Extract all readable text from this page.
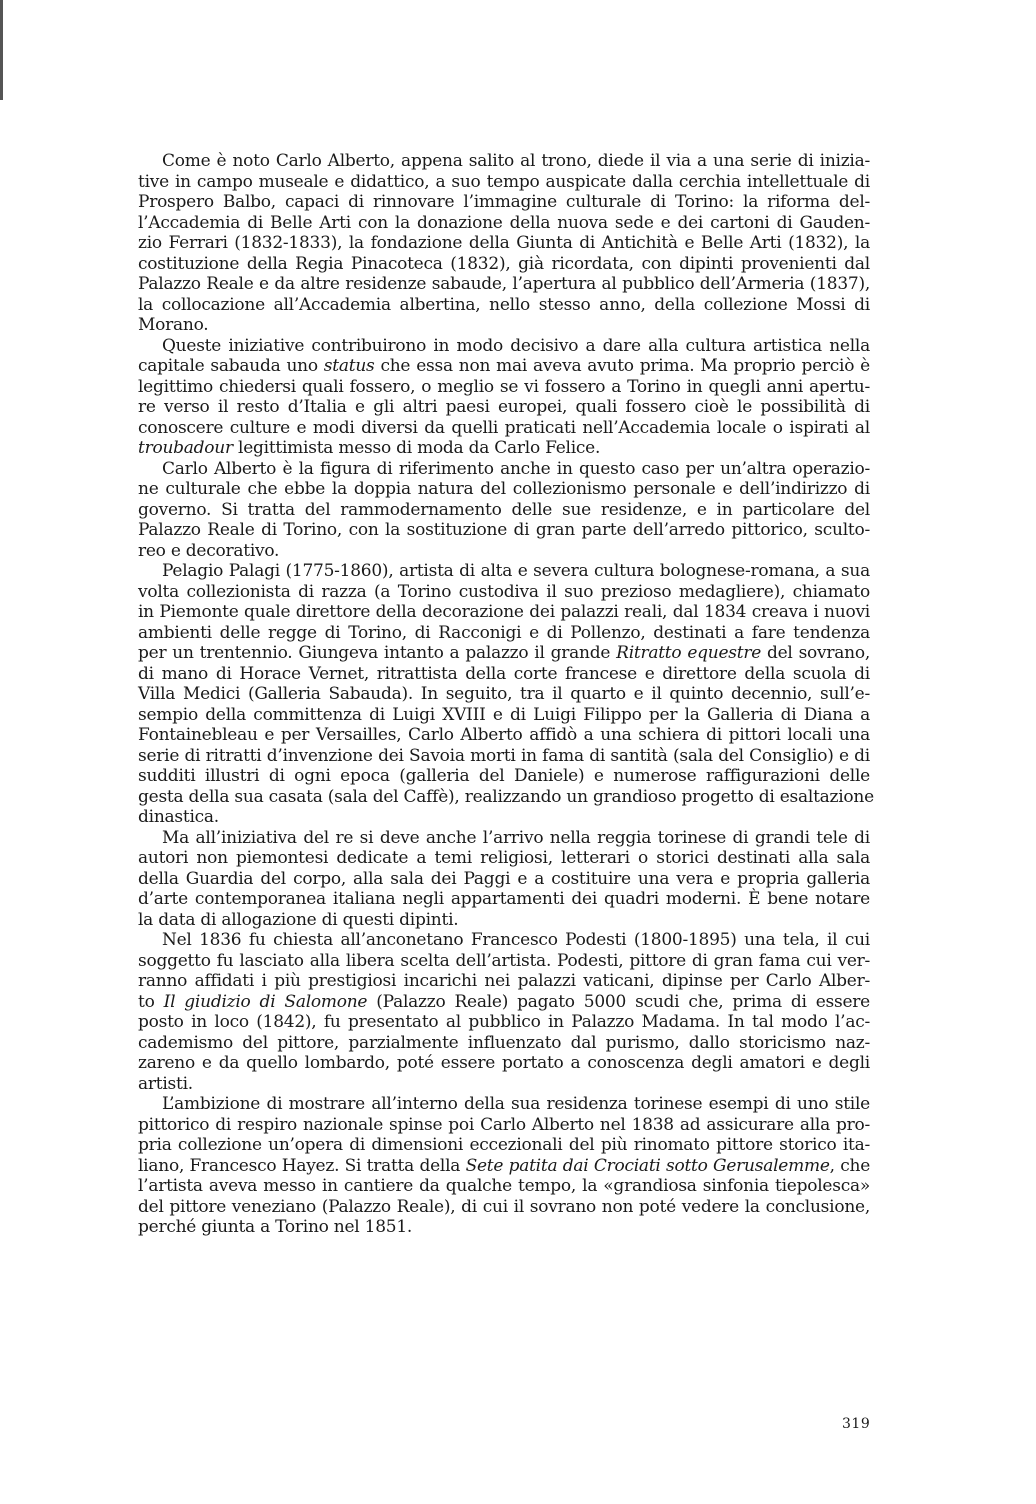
Come è noto Carlo Alberto, appena salito al trono, diede il via a una serie di inizia-
tive in campo museale e didattico, a suo tempo auspicate dalla cerchia intellettuale di
Prospero Balbo, capaci di rinnovare l’immagine culturale di Torino: la riforma del-
l’Accademia di Belle Arti con la donazione della nuova sede e dei cartoni di Gauden-
zio Ferrari (1832-1833), la fondazione della Giunta di Antichità e Belle Arti (1832), la
costituzione della Regia Pinacoteca (1832), già ricordata, con dipinti provenienti dal
Palazzo Reale e da altre residenze sabaude, l’apertura al pubblico dell’Armeria (1837),
la collocazione all’Accademia albertina, nello stesso anno, della collezione Mossi di
Morano.
Queste iniziative contribuirono in modo decisivo a dare alla cultura artistica nella
capitale sabauda uno status che essa non mai aveva avuto prima. Ma proprio perciò è
legittimo chiedersi quali fossero, o meglio se vi fossero a Torino in quegli anni apertu-
re verso il resto d’Italia e gli altri paesi europei, quali fossero cioè le possibilità di
conoscere culture e modi diversi da quelli praticati nell’Accademia locale o ispirati al
troubadour legittimista messo di moda da Carlo Felice.
Carlo Alberto è la figura di riferimento anche in questo caso per un’altra operazio-
ne culturale che ebbe la doppia natura del collezionismo personale e dell’indirizzo di
governo. Si tratta del rammodernamento delle sue residenze, e in particolare del
Palazzo Reale di Torino, con la sostituzione di gran parte dell’arredo pittorico, sculto-
reo e decorativo.
Pelagio Palagi (1775-1860), artista di alta e severa cultura bolognese-romana, a sua
volta collezionista di razza (a Torino custodiva il suo prezioso medagliere), chiamato
in Piemonte quale direttore della decorazione dei palazzi reali, dal 1834 creava i nuovi
ambienti delle regge di Torino, di Racconigi e di Pollenzo, destinati a fare tendenza
per un trentennio. Giungeva intanto a palazzo il grande Ritratto equestre del sovrano,
di mano di Horace Vernet, ritrattista della corte francese e direttore della scuola di
Villa Medici (Galleria Sabauda). In seguito, tra il quarto e il quinto decennio, sull’e-
sempio della committenza di Luigi XVIII e di Luigi Filippo per la Galleria di Diana a
Fontainebleau e per Versailles, Carlo Alberto affidò a una schiera di pittori locali una
serie di ritratti d’invenzione dei Savoia morti in fama di santità (sala del Consiglio) e di
sudditi illustri di ogni epoca (galleria del Daniele) e numerose raffigurazioni delle
gesta della sua casata (sala del Caffè), realizzando un grandioso progetto di esaltazione
dinastica.
Ma all’iniziativa del re si deve anche l’arrivo nella reggia torinese di grandi tele di
autori non piemontesi dedicate a temi religiosi, letterari o storici destinati alla sala
della Guardia del corpo, alla sala dei Paggi e a costituire una vera e propria galleria
d’arte contemporanea italiana negli appartamenti dei quadri moderni. È bene notare
la data di allogazione di questi dipinti.
Nel 1836 fu chiesta all’anconetano Francesco Podesti (1800-1895) una tela, il cui
soggetto fu lasciato alla libera scelta dell’artista. Podesti, pittore di gran fama cui ver-
ranno affidati i più prestigiosi incarichi nei palazzi vaticani, dipinse per Carlo Alber-
to Il giudizio di Salomone (Palazzo Reale) pagato 5000 scudi che, prima di essere
posto in loco (1842), fu presentato al pubblico in Palazzo Madama. In tal modo l’ac-
cademismo del pittore, parzialmente influenzato dal purismo, dallo storicismo naz-
zareno e da quello lombardo, poté essere portato a conoscenza degli amatori e degli
artisti.
L’ambizione di mostrare all’interno della sua residenza torinese esempi di uno stile
pittorico di respiro nazionale spinse poi Carlo Alberto nel 1838 ad assicurare alla pro-
pria collezione un’opera di dimensioni eccezionali del più rinomato pittore storico ita-
liano, Francesco Hayez. Si tratta della Sete patita dai Crociati sotto Gerusalemme, che
l’artista aveva messo in cantiere da qualche tempo, la «grandiosa sinfonia tiepolesca»
del pittore veneziano (Palazzo Reale), di cui il sovrano non poté vedere la conclusione,
perché giunta a Torino nel 1851.
319
